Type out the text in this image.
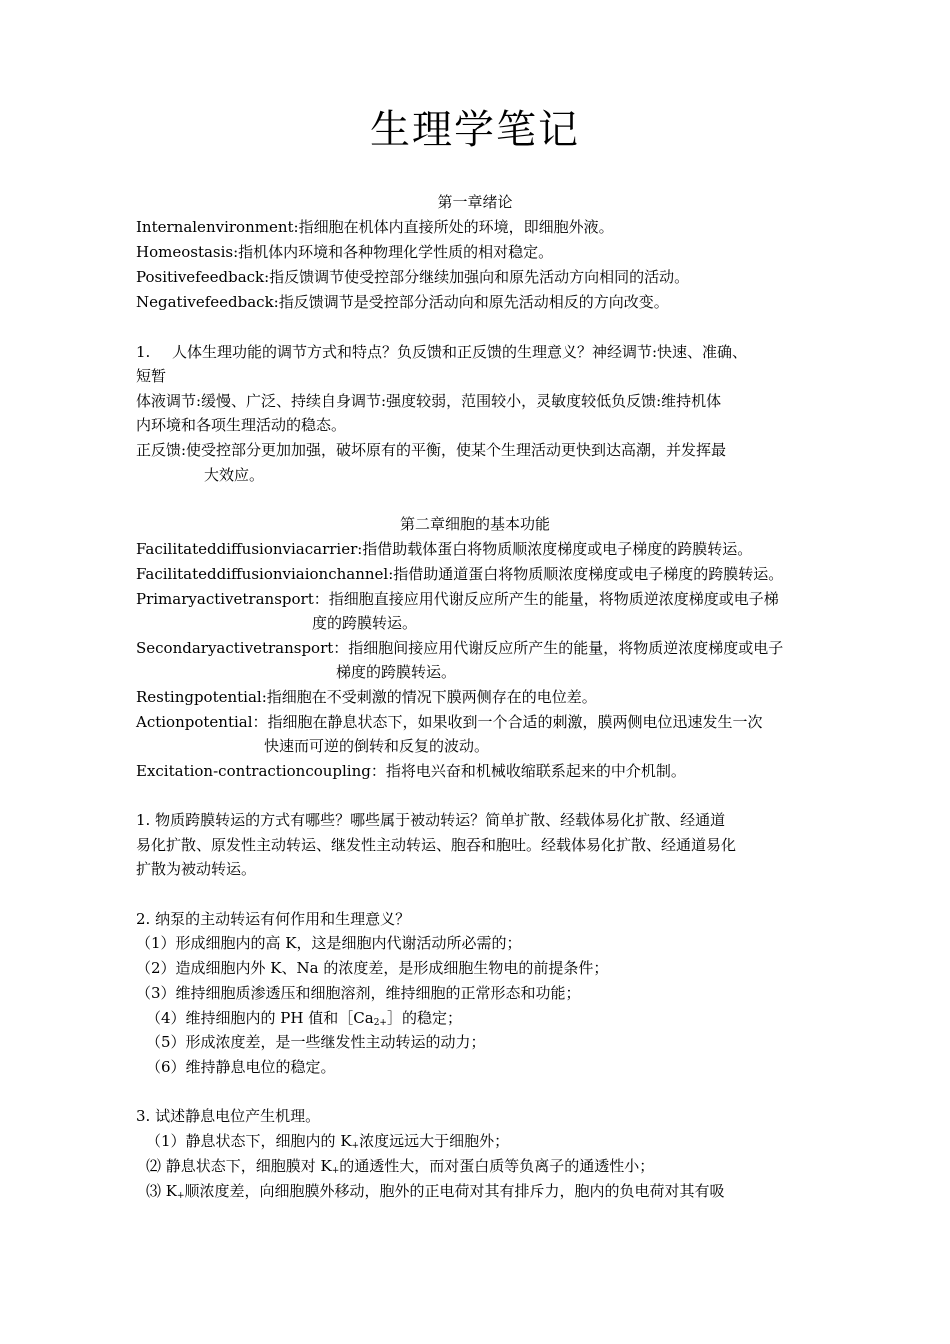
生理学笔记
第一章绪论
Internalenvironment:指细胞在机体内直接所处的环境，即细胞外液。
Homeostasis:指机体内环境和各种物理化学性质的相对稳定。
Positivefeedback:指反馈调节使受控部分继续加强向和原先活动方向相同的活动。
Negativefeedback:指反馈调节是受控部分活动向和原先活动相反的方向改变。
1. 人体生理功能的调节方式和特点？负反馈和正反馈的生理意义？神经调节:快速、准确、
短暂
体液调节:缓慢、广泛、持续自身调节:强度较弱，范围较小，灵敏度较低负反馈:维持机体
内环境和各项生理活动的稳态。
正反馈:使受控部分更加加强，破坏原有的平衡，使某个生理活动更快到达高潮，并发挥最
大效应。
第二章细胞的基本功能
Facilitateddiffusionviacarrier:指借助载体蛋白将物质顺浓度梯度或电子梯度的跨膜转运。
Facilitateddiffusionviaionchannel:指借助通道蛋白将物质顺浓度梯度或电子梯度的跨膜转运。
Primaryactivetransport：指细胞直接应用代谢反应所产生的能量，将物质逆浓度梯度或电子梯
度的跨膜转运。
Secondaryactivetransport：指细胞间接应用代谢反应所产生的能量，将物质逆浓度梯度或电子
梯度的跨膜转运。
Restingpotential:指细胞在不受刺激的情况下膜两侧存在的电位差。
Actionpotential：指细胞在静息状态下，如果收到一个合适的刺激，膜两侧电位迅速发生一次
快速而可逆的倒转和反复的波动。
Excitation-contractioncoupling：指将电兴奋和机械收缩联系起来的中介机制。
1. 物质跨膜转运的方式有哪些？哪些属于被动转运？简单扩散、经载体易化扩散、经通道
易化扩散、原发性主动转运、继发性主动转运、胞吞和胞吐。经载体易化扩散、经通道易化
扩散为被动转运。
2. 纳泵的主动转运有何作用和生理意义？
（1）形成细胞内的高 K，这是细胞内代谢活动所必需的；
（2）造成细胞内外 K、Na 的浓度差，是形成细胞生物电的前提条件；
（3）维持细胞质渗透压和细胞溶剂，维持细胞的正常形态和功能；
（4）维持细胞内的 PH 值和$[Ca_{2+}]$的稳定；
（5）形成浓度差，是一些继发性主动转运的动力；
（6）维持静息电位的稳定。
3. 试述静息电位产生机理。
（1）静息状态下，细胞内的 $K_+$浓度远远大于细胞外；
⑵ 静息状态下，细胞膜对 $K_+$的通透性大，而对蛋白质等负离子的通透性小；
⑶ $K_+$顺浓度差，向细胞膜外移动，胞外的正电荷对其有排斥力，胞内的负电荷对其有吸
